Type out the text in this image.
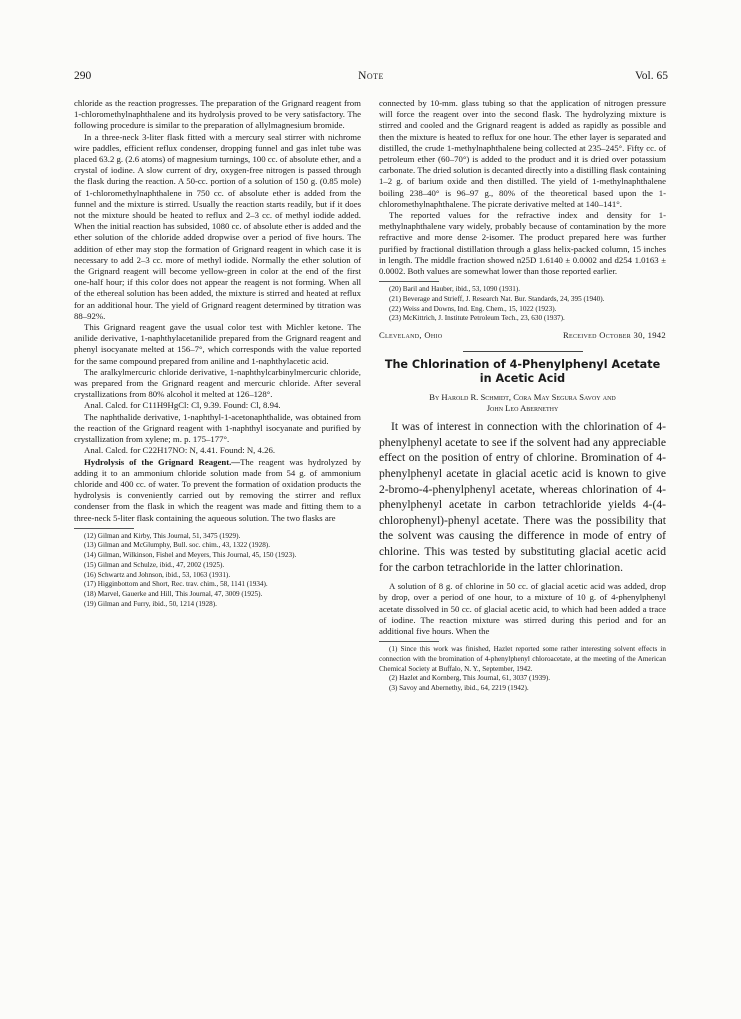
290	Note	Vol. 65

chloride as the reaction progresses. The preparation of the Grignard reagent from 1-chloromethylnaphthalene and its hydrolysis proved to be very satisfactory. The following procedure is similar to the preparation of allylmagnesium bromide.

In a three-neck 3-liter flask fitted with a mercury seal stirrer with nichrome wire paddles, efficient reflux condenser, dropping funnel and gas inlet tube was placed 63.2 g. (2.6 atoms) of magnesium turnings, 100 cc. of absolute ether, and a crystal of iodine. A slow current of dry, oxygen-free nitrogen is passed through the flask during the reaction. A 50-cc. portion of a solution of 150 g. (0.85 mole) of 1-chloromethylnaphthalene in 750 cc. of absolute ether is added from the funnel and the mixture is stirred. Usually the reaction starts readily, but if it does not the mixture should be heated to reflux and 2–3 cc. of methyl iodide added. When the initial reaction has subsided, 1080 cc. of absolute ether is added and the ether solution of the chloride added dropwise over a period of five hours. The addition of ether may stop the formation of Grignard reagent in which case it is necessary to add 2–3 cc. more of methyl iodide. Normally the ether solution of the Grignard reagent will become yellow-green in color at the end of the first one-half hour; if this color does not appear the reagent is not forming. When all of the ethereal solution has been added, the mixture is stirred and heated at reflux for an additional hour. The yield of Grignard reagent determined by titration was 88–92%.

This Grignard reagent gave the usual color test with Michler ketone. The anilide derivative, 1-naphthylacetanilide prepared from the Grignard reagent and phenyl isocyanate melted at 156–7°, which corresponds with the value reported for the same compound prepared from aniline and 1-naphthylacetic acid.

The aralkylmercuric chloride derivative, 1-naphthylcarbinylmercuric chloride, was prepared from the Grignard reagent and mercuric chloride. After several crystallizations from 80% alcohol it melted at 126–128°.

Anal. Calcd. for C11H9HgCl: Cl, 9.39. Found: Cl, 8.94.

The naphthalide derivative, 1-naphthyl-1-acetonaphthalide, was obtained from the reaction of the Grignard reagent with 1-naphthyl isocyanate and purified by crystallization from xylene; m. p. 175–177°.

Anal. Calcd. for C22H17NO: N, 4.41. Found: N, 4.26.

Hydrolysis of the Grignard Reagent.—The reagent was hydrolyzed by adding it to an ammonium chloride solution made from 54 g. of ammonium chloride and 400 cc. of water. To prevent the formation of oxidation products the hydrolysis is conveniently carried out by removing the stirrer and reflux condenser from the flask in which the reagent was made and fitting them to a three-neck 5-liter flask containing the aqueous solution. The two flasks are

(12) Gilman and Kirby, This Journal, 51, 3475 (1929).
(13) Gilman and McGlumphy, Bull. soc. chim., 43, 1322 (1928).
(14) Gilman, Wilkinson, Fishel and Meyers, This Journal, 45, 150 (1923).
(15) Gilman and Schulze, ibid., 47, 2002 (1925).
(16) Schwartz and Johnson, ibid., 53, 1063 (1931).
(17) Higginbottom and Short, Rec. trav. chim., 58, 1141 (1934).
(18) Marvel, Gauerke and Hill, This Journal, 47, 3009 (1925).
(19) Gilman and Furry, ibid., 50, 1214 (1928).

connected by 10-mm. glass tubing so that the application of nitrogen pressure will force the reagent over into the second flask. The hydrolyzing mixture is stirred and cooled and the Grignard reagent is added as rapidly as possible and then the mixture is heated to reflux for one hour. The ether layer is separated and distilled, the crude 1-methylnaphthalene being collected at 235–245°. Fifty cc. of petroleum ether (60–70°) is added to the product and it is dried over potassium carbonate. The dried solution is decanted directly into a distilling flask containing 1–2 g. of barium oxide and then distilled. The yield of 1-methylnaphthalene boiling 238–40° is 96–97 g., 80% of the theoretical based upon the 1-chloromethylnaphthalene. The picrate derivative melted at 140–141°.

The reported values for the refractive index and density for 1-methylnaphthalene vary widely, probably because of contamination by the more refractive and more dense 2-isomer. The product prepared here was further purified by fractional distillation through a glass helix-packed column, 15 inches in length. The middle fraction showed n25D 1.6140 ± 0.0002 and d254 1.0163 ± 0.0002. Both values are somewhat lower than those reported earlier.

(20) Baril and Hauber, ibid., 53, 1090 (1931).
(21) Beverage and Strieff, J. Research Nat. Bur. Standards, 24, 395 (1940).
(22) Weiss and Downs, Ind. Eng. Chem., 15, 1022 (1923).
(23) McKittrich, J. Institute Petroleum Tech., 23, 630 (1937).
Cleveland, Ohio	Received October 30, 1942
The Chlorination of 4-Phenylphenyl Acetate in Acetic Acid
By Harold R. Schmidt, Cora May Segura Savoy and
John Leo Abernethy

It was of interest in connection with the chlorination of 4-phenylphenyl acetate to see if the solvent had any appreciable effect on the position of entry of chlorine. Bromination of 4-phenylphenyl acetate in glacial acetic acid is known to give 2-bromo-4-phenylphenyl acetate, whereas chlorination of 4-phenylphenyl acetate in carbon tetrachloride yields 4-(4-chlorophenyl)-phenyl acetate. There was the possibility that the solvent was causing the difference in mode of entry of chlorine. This was tested by substituting glacial acetic acid for the carbon tetrachloride in the latter chlorination.

A solution of 8 g. of chlorine in 50 cc. of glacial acetic acid was added, drop by drop, over a period of one hour, to a mixture of 10 g. of 4-phenylphenyl acetate dissolved in 50 cc. of glacial acetic acid, to which had been added a trace of iodine. The reaction mixture was stirred during this period and for an additional five hours. When the

(1) Since this work was finished, Hazlet reported some rather interesting solvent effects in connection with the bromination of 4-phenylphenyl chloroacetate, at the meeting of the American Chemical Society at Buffalo, N. Y., September, 1942.
(2) Hazlet and Kornberg, This Journal, 61, 3037 (1939).
(3) Savoy and Abernethy, ibid., 64, 2219 (1942).
